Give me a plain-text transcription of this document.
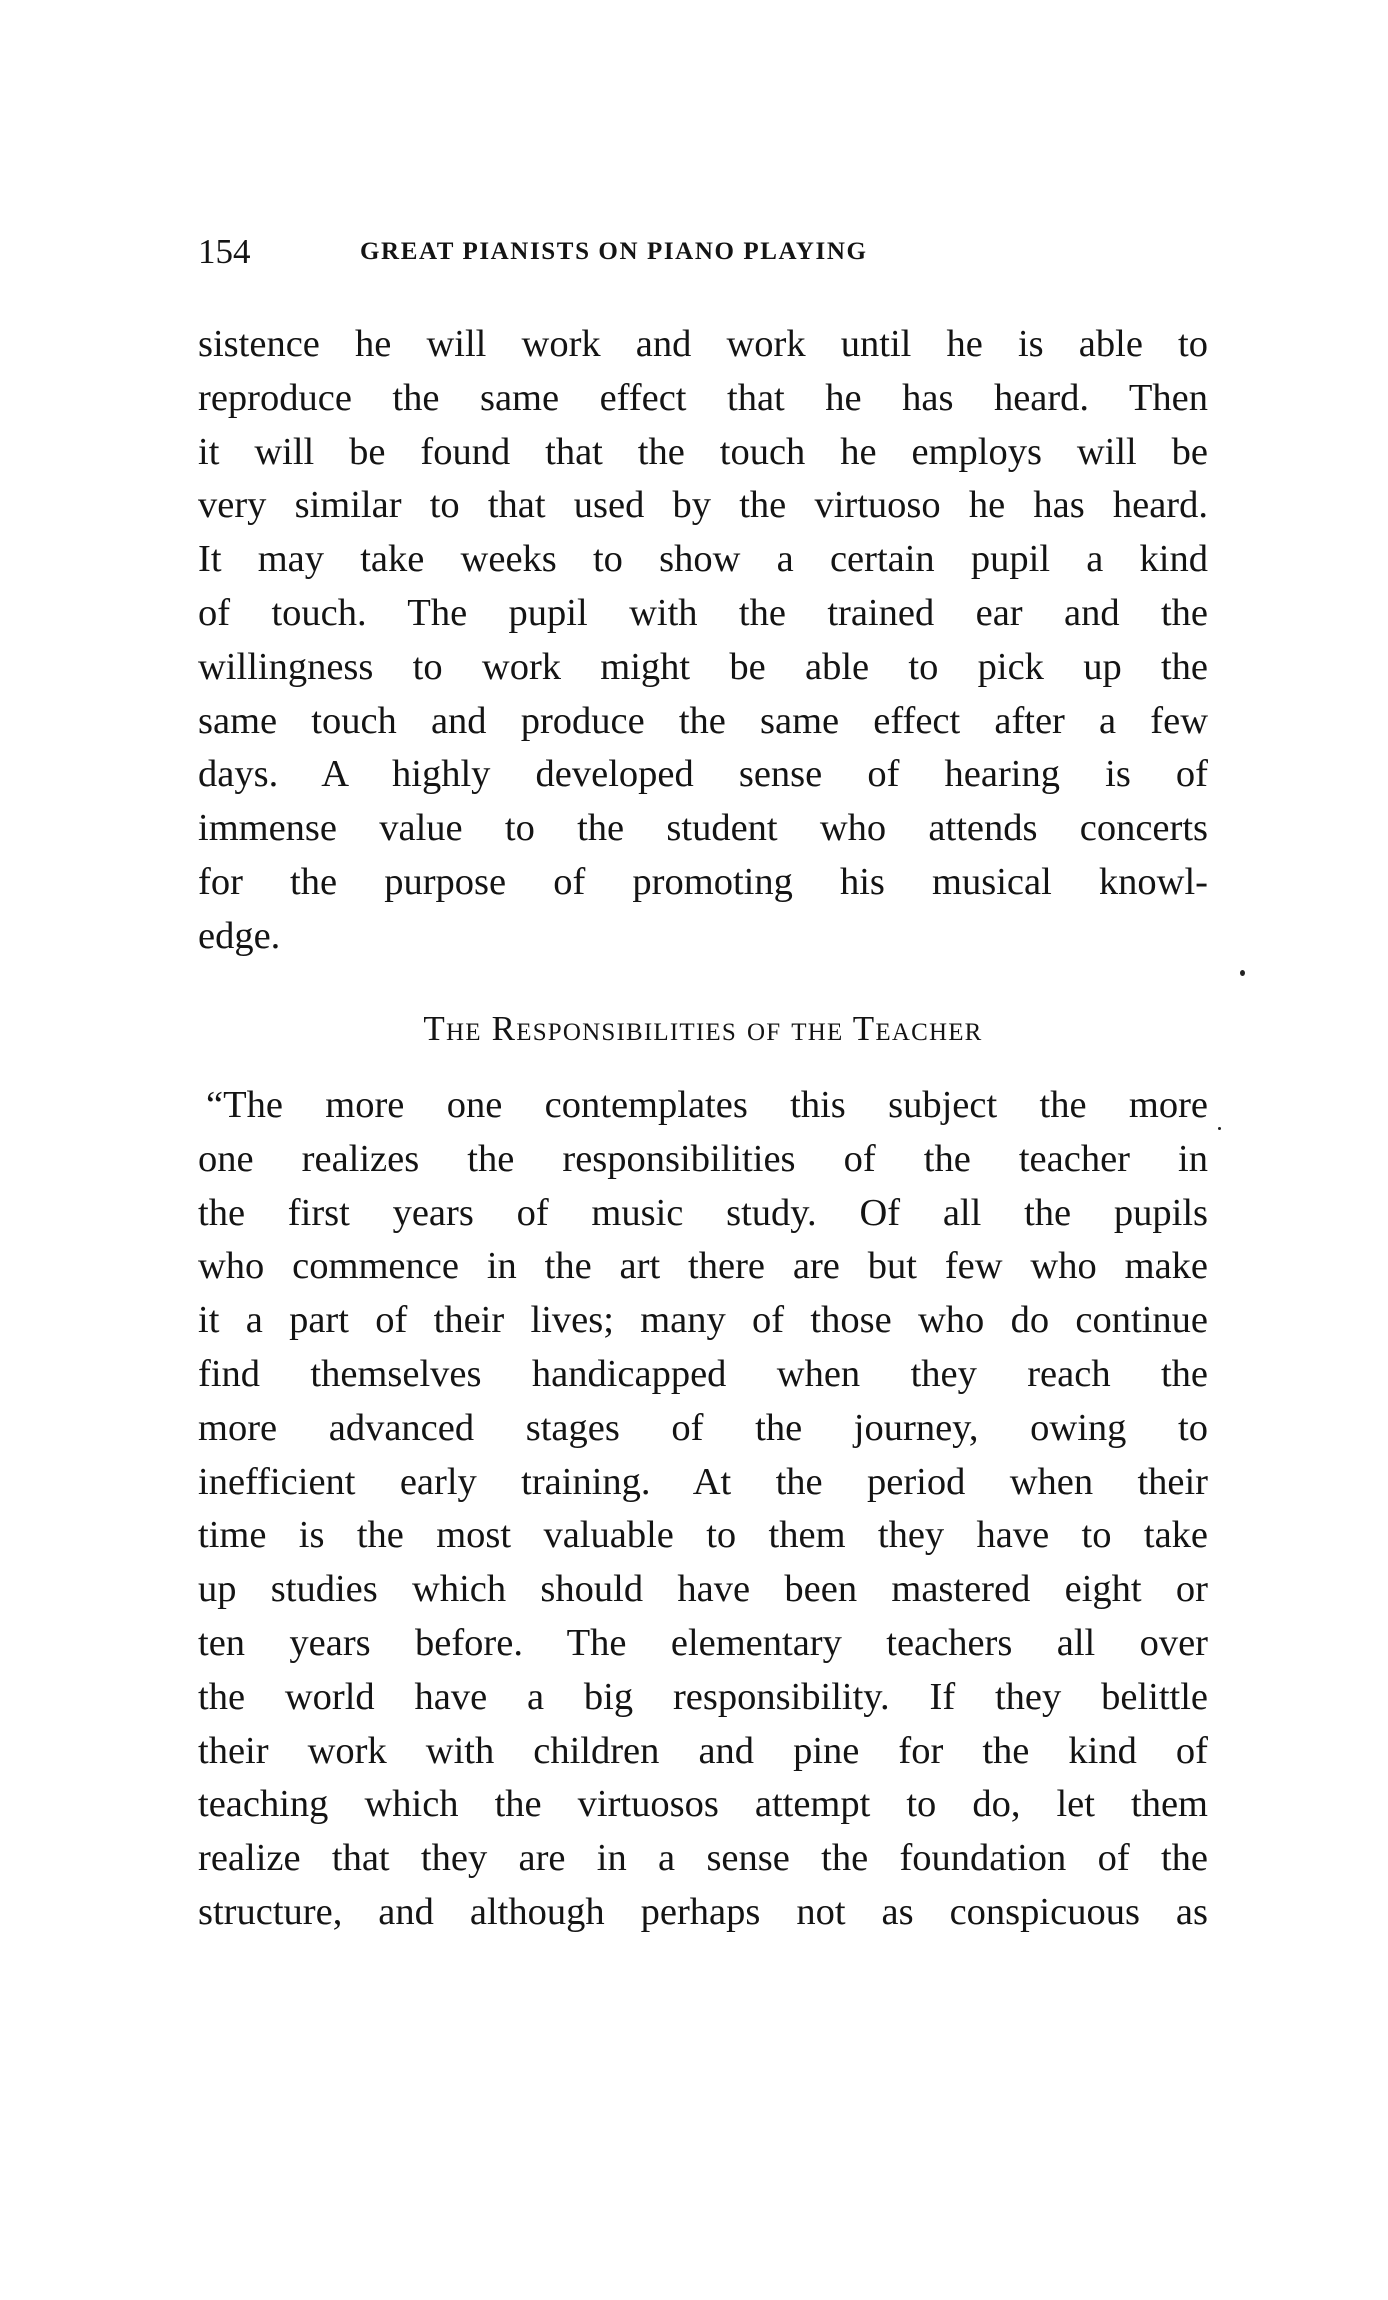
154	GREAT PIANISTS ON PIANO PLAYING
sistence he will work and work until he is able to
reproduce the same effect that he has heard. Then
it will be found that the touch he employs will be
very similar to that used by the virtuoso he has heard.
It may take weeks to show a certain pupil a kind
of touch. The pupil with the trained ear and the
willingness to work might be able to pick up the
same touch and produce the same effect after a few
days. A highly developed sense of hearing is of
immense value to the student who attends concerts
for the purpose of promoting his musical knowl-
edge.
The Responsibilities of the Teacher
“The more one contemplates this subject the more
one realizes the responsibilities of the teacher in
the first years of music study. Of all the pupils
who commence in the art there are but few who make
it a part of their lives; many of those who do continue
find themselves handicapped when they reach the
more advanced stages of the journey, owing to
inefficient early training. At the period when their
time is the most valuable to them they have to take
up studies which should have been mastered eight or
ten years before. The elementary teachers all over
the world have a big responsibility. If they belittle
their work with children and pine for the kind of
teaching which the virtuosos attempt to do, let them
realize that they are in a sense the foundation of the
structure, and although perhaps not as conspicuous as
